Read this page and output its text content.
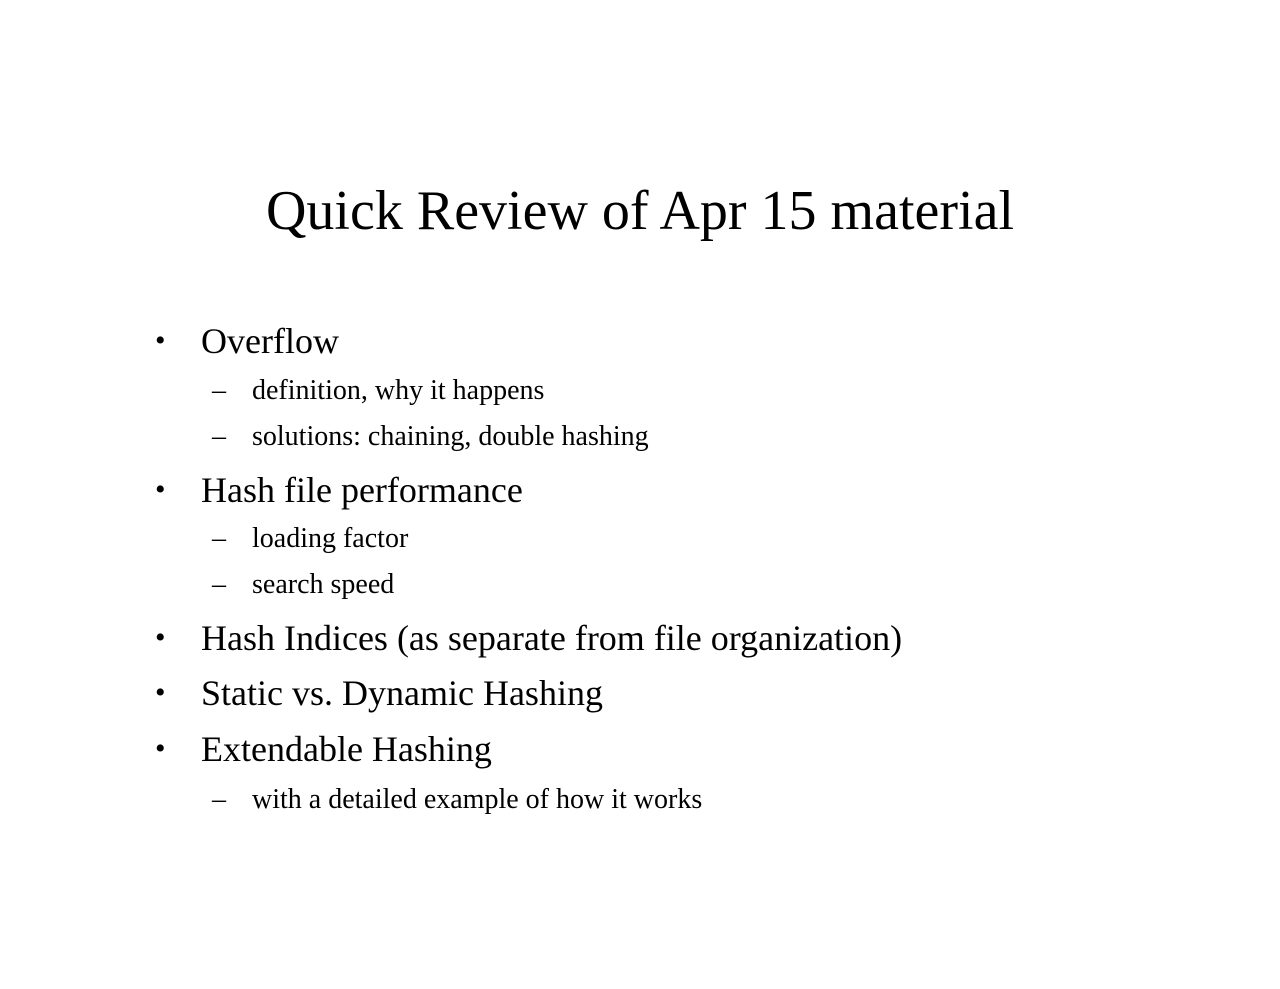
Quick Review of Apr 15 material
• Overflow
– definition, why it happens
– solutions: chaining, double hashing
• Hash file performance
– loading factor
– search speed
• Hash Indices (as separate from file organization)
• Static vs. Dynamic Hashing
• Extendable Hashing
– with a detailed example of how it works
